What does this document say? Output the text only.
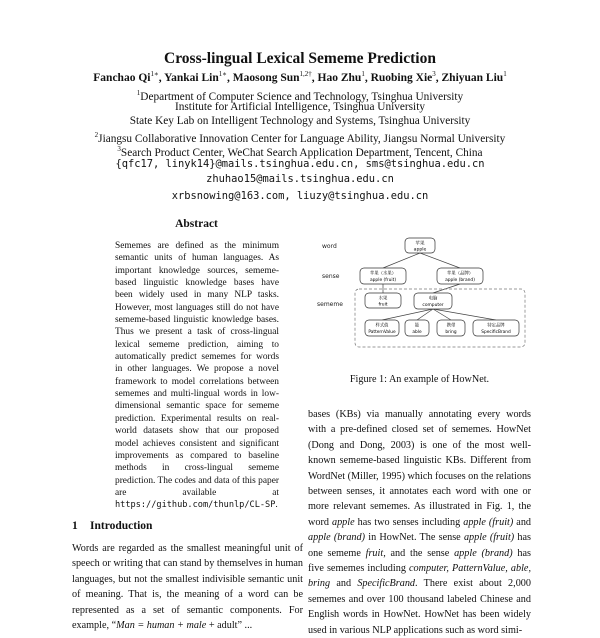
Cross-lingual Lexical Sememe Prediction
Fanchao $Qi^{1∗}$, Yankai Lin$^{1∗}$, Maosong Sun$^{1,2\dagger}$, Hao Zhu$^1$, Ruobing Xie$^3$, Zhiyuan Liu$^1$
$^1$Department of Computer Science and Technology, Tsinghua University
Institute for Artificial Intelligence, Tsinghua University
State Key Lab on Intelligent Technology and Systems, Tsinghua University
$^2$Jiangsu Collaborative Innovation Center for Language Ability, Jiangsu Normal University
$^3$Search Product Center, WeChat Search Application Department, Tencent, China
{qfc17, linyk14}@mails.tsinghua.edu.cn, sms@tsinghua.edu.cn
zhuhao15@mails.tsinghua.edu.cn
xrbsnowing@163.com, liuzy@tsinghua.edu.cn
Abstract
Sememes are defined as the minimum semantic units of human languages. As important knowledge sources, sememe-based linguistic knowledge bases have been widely used in many NLP tasks. However, most languages still do not have sememe-based linguistic knowledge bases. Thus we present a task of cross-lingual lexical sememe prediction, aiming to automatically predict sememes for words in other languages. We propose a novel framework to model correlations between sememes and multi-lingual words in low-dimensional semantic space for sememe prediction. Experimental results on real-world datasets show that our proposed model achieves consistent and significant improvements as compared to baseline methods in cross-lingual sememe prediction. The codes and data of this paper are available at https://github.com/thunlp/CL-SP.
1 Introduction
Words are regarded as the smallest meaningful unit of speech or writing that can stand by themselves in human languages, but not the smallest indivisible semantic unit of meaning. That is, the meaning of a word can be represented as a set of semantic components. For example, “Man = human + male + adult” ...
word
sense
sememe
苹果
apple
苹果（水果）
apple (fruit)
苹果（品牌）
apple (brand)
水果
fruit
电脑
computer
样式值
PatternValue
能
able
携带
bring
特定品牌
SpecificBrand
Figure 1: An example of HowNet.
bases (KBs) via manually annotating every words with a pre-defined closed set of sememes. HowNet (Dong and Dong, 2003) is one of the most well-known sememe-based linguistic KBs. Different from WordNet (Miller, 1995) which focuses on the relations between senses, it annotates each word with one or more relevant sememes. As illustrated in Fig. 1, the word apple has two senses including apple (fruit) and apple (brand) in HowNet. The sense apple (fruit) has one sememe fruit, and the sense apple (brand) has five sememes including computer, PatternValue, able, bring and SpecificBrand. There exist about 2,000 sememes and over 100 thousand labeled Chinese and English words in HowNet. HowNet has been widely used in various NLP applications such as word simi-
